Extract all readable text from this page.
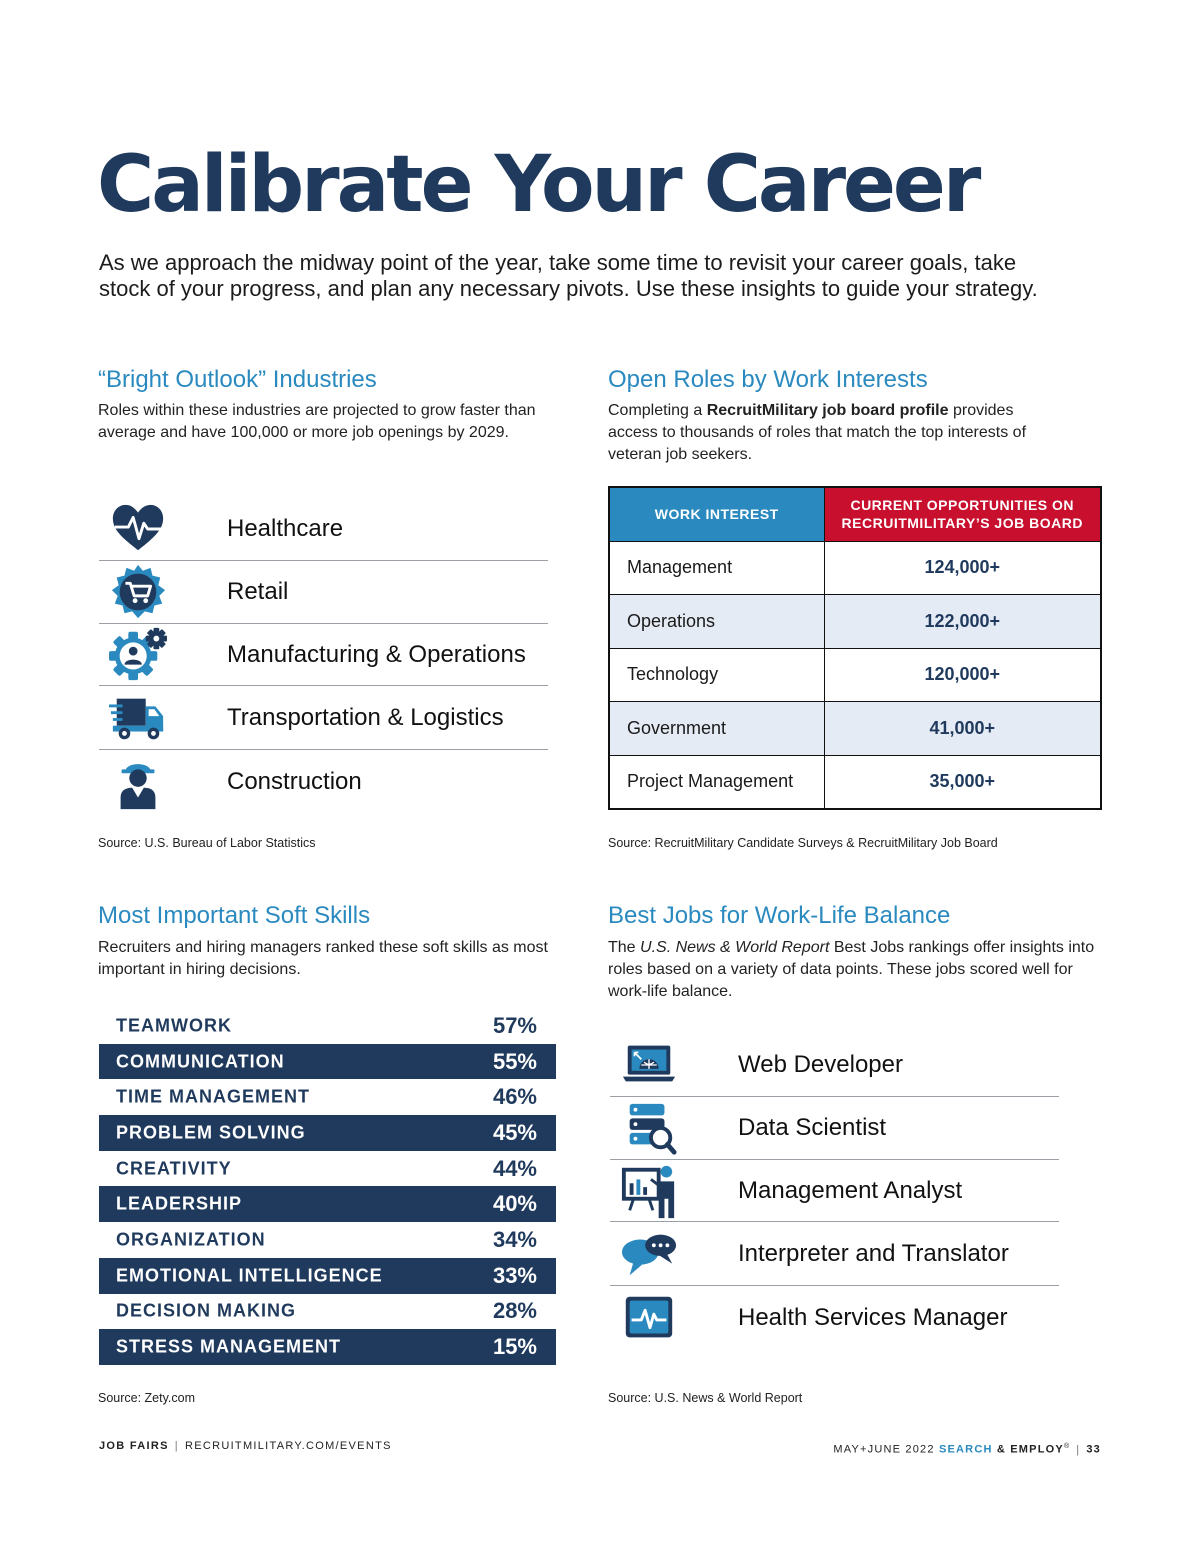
Calibrate Your Career

As we approach the midway point of the year, take some time to revisit your career goals, take stock of your progress, and plan any necessary pivots. Use these insights to guide your strategy.

“Bright Outlook” Industries

Roles within these industries are projected to grow faster than average and have 100,000 or more job openings by 2029.

Healthcare
Retail
Manufacturing & Operations
Transportation & Logistics
Construction
Source: U.S. Bureau of Labor Statistics
Open Roles by Work Interests

Completing a RecruitMilitary job board profile provides access to thousands of roles that match the top interests of veteran job seekers.

WORK INTEREST	CURRENT OPPORTUNITIES ON
RECRUITMILITARY’S JOB BOARD
Management	124,000+
Operations	122,000+
Technology	120,000+
Government	41,000+
Project Management	35,000+
Source: RecruitMilitary Candidate Surveys & RecruitMilitary Job Board
Most Important Soft Skills

Recruiters and hiring managers ranked these soft skills as most important in hiring decisions.

TEAMWORK	57%
COMMUNICATION	55%
TIME MANAGEMENT	46%
PROBLEM SOLVING	45%
CREATIVITY	44%
LEADERSHIP	40%
ORGANIZATION	34%
EMOTIONAL INTELLIGENCE	33%
DECISION MAKING	28%
STRESS MANAGEMENT	15%
Source: Zety.com
Best Jobs for Work-Life Balance

The U.S. News & World Report Best Jobs rankings offer insights into roles based on a variety of data points. These jobs scored well for work-life balance.

Web Developer
Data Scientist
Management Analyst
Interpreter and Translator
Health Services Manager
Source: U.S. News & World Report
JOB FAIRS | RECRUITMILITARY.COM/EVENTS	MAY+JUNE 2022 SEARCH & EMPLOY® | 33
